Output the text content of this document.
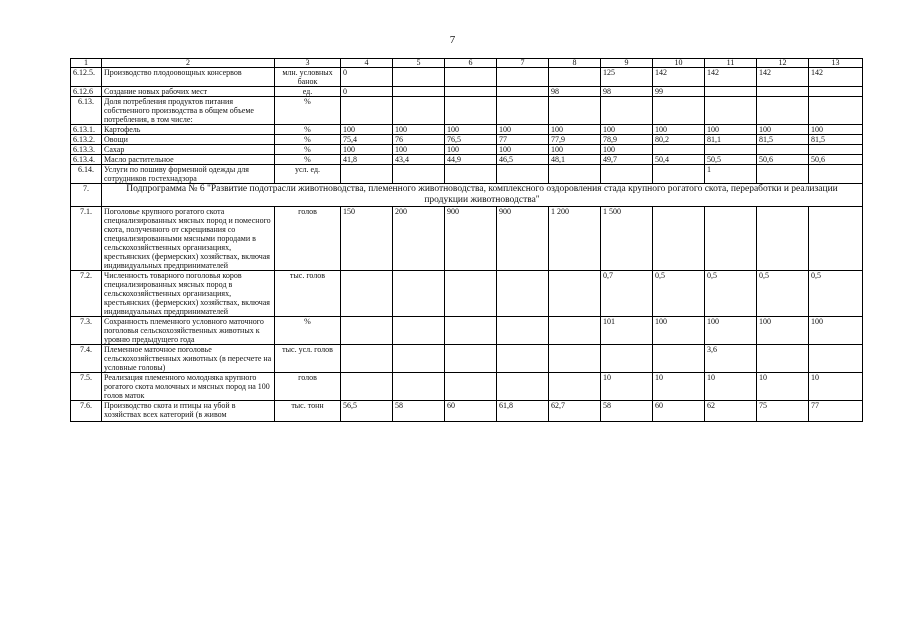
7
1	2	3	4	5	6	7	8	9	10	11	12	13
6.12.5.	Производство плодоовощных консервов	млн. условных банок	0					125	142	142	142	142
6.12.6	Создание новых рабочих мест	ед.	0				98	98	99			
6.13.	Доля потребления продуктов питания собственного производства в общем объеме потребления, в том числе:	%										
6.13.1.	Картофель	%	100	100	100	100	100	100	100	100	100	100
6.13.2.	Овощи	%	75,4	76	76,5	77	77,9	78,9	80,2	81,1	81,5	81,5
6.13.3.	Сахар	%	100	100	100	100	100	100				
6.13.4.	Масло растительное	%	41,8	43,4	44,9	46,5	48,1	49,7	50,4	50,5	50,6	50,6
6.14.	Услуги по пошиву форменной одежды для сотрудников гостехнадзора	усл. ед.								1		
7.	Подпрограмма № 6 "Развитие подотрасли животноводства, племенного животноводства, комплексного оздоровления стада крупного рогатого скота, переработки и реализации продукции животноводства"											
7.1.	Поголовье крупного рогатого скота специализированных мясных пород и помесного скота, полученного от скрещивания со специализированными мясными породами в сельскохозяйственных организациях, крестьянских (фермерских) хозяйствах, включая индивидуальных предпринимателей	голов	150	200	900	900	1 200	1 500				
7.2.	Численность товарного поголовья коров специализированных мясных пород в сельскохозяйственных организациях, крестьянских (фермерских) хозяйствах, включая индивидуальных предпринимателей	тыс. голов						0,7	0,5	0,5	0,5	0,5
7.3.	Сохранность племенного условного маточного поголовья сельскохозяйственных животных к уровню предыдущего года	%						101	100	100	100	100
7.4.	Племенное маточное поголовье сельскохозяйственных животных (в пересчете на условные головы)	тыс. усл. голов								3,6		
7.5.	Реализация племенного молодняка крупного рогатого скота молочных и мясных пород на 100 голов маток	голов						10	10	10	10	10
7.6.	Производство скота и птицы на убой в хозяйствах всех категорий (в живом	тыс. тонн	56,5	58	60	61,8	62,7	58	60	62	75	77
